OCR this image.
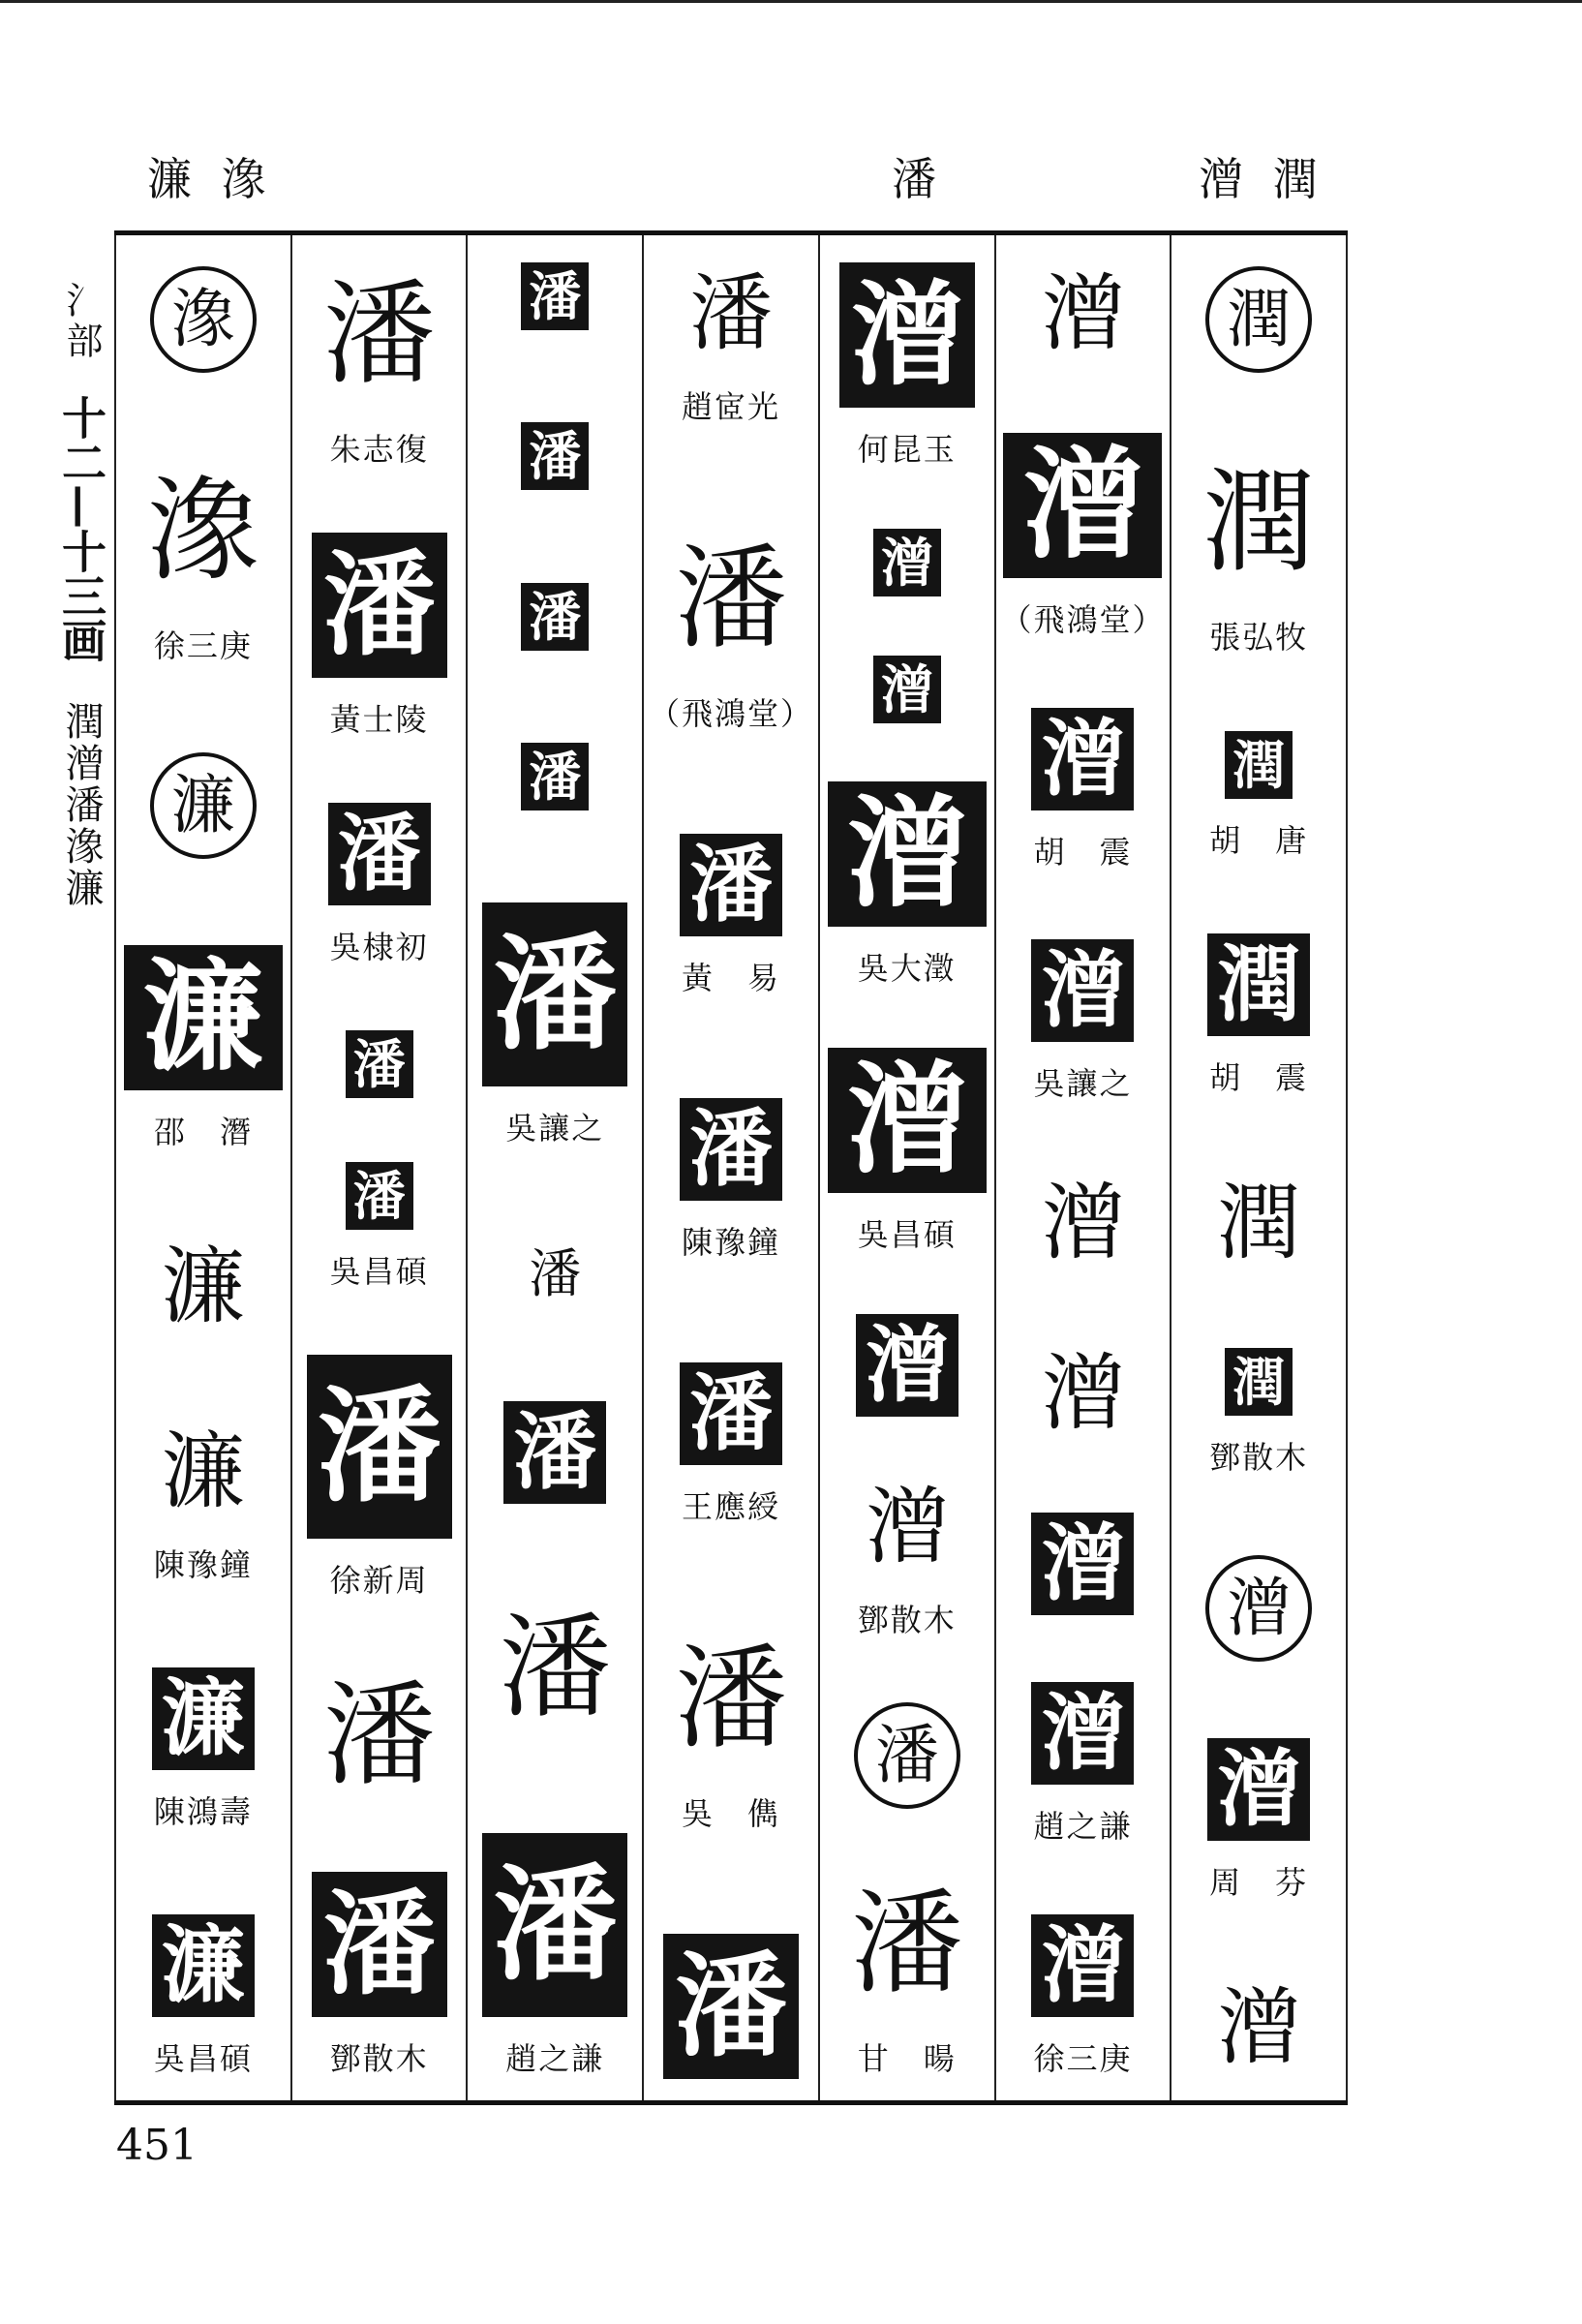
濂 潒	潘	潧 潤
氵部
十二—十三画
潤潧潘潒濂
潒
潒
徐三庚
濂
濂
邵　潛
濂
濂
陳豫鐘
濂
陳鴻壽
濂
吳昌碩
潘
朱志復
潘
黃士陵
潘
吳棣初
潘
潘
吳昌碩
潘
徐新周
潘
潘
鄧散木
潘
潘
潘
潘
潘
吳讓之
潘
潘
潘
潘
趙之謙
潘
趙宧光
潘
（飛鴻堂）
潘
黃　易
潘
陳豫鐘
潘
王應綬
潘
吳　儁
潘
潧
何昆玉
潧
潧
潧
吳大澂
潧
吳昌碩
潧
潧
鄧散木
潘
潘
甘　暘
潧
潧
（飛鴻堂）
潧
胡　震
潧
吳讓之
潧
潧
潧
潧
趙之謙
潧
徐三庚
潤
潤
張弘牧
潤
胡　唐
潤
胡　震
潤
潤
鄧散木
潧
潧
周　芬
潧
451
